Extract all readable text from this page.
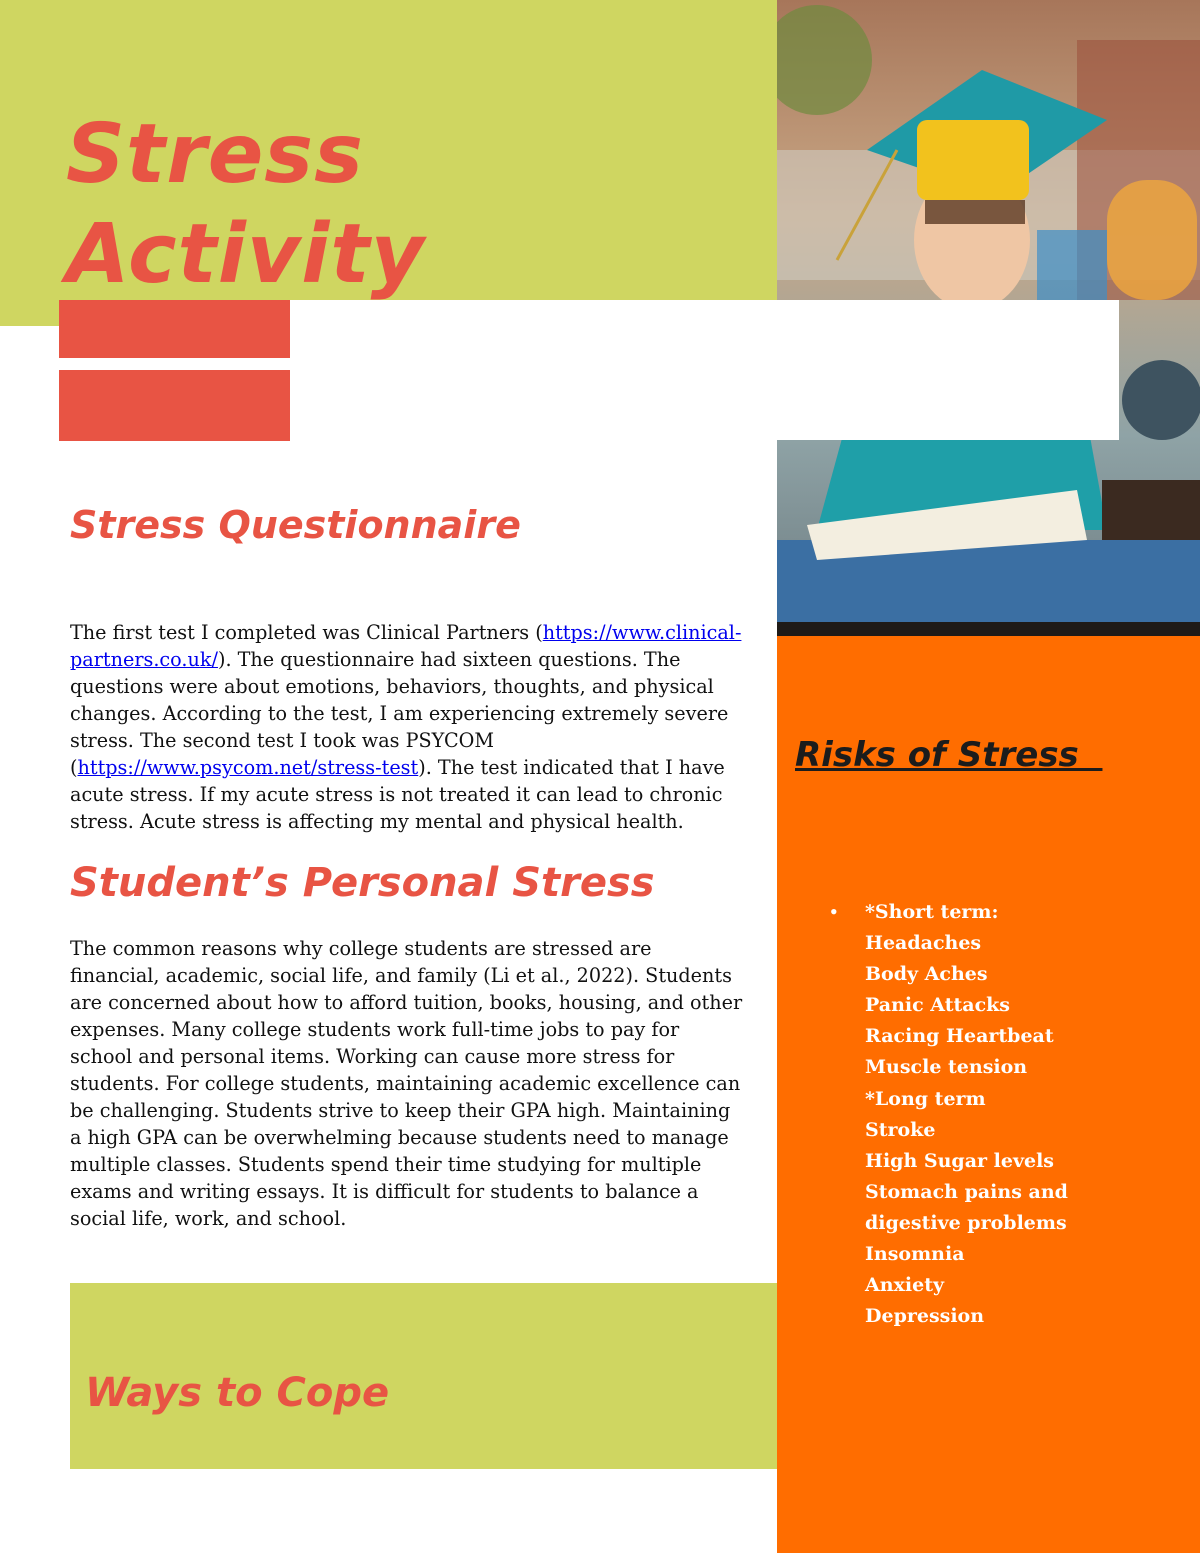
Stress
Activity
Risks of Stress
• *Short term:
Headaches
Body Aches
Panic Attacks
Racing Heartbeat
Muscle tension
*Long term
Stroke
High Sugar levels
Stomach pains and
digestive problems
Insomnia
Anxiety
Depression
Stress Questionnaire

The first test I completed was Clinical Partners (https://www.clinical-
partners.co.uk/). The questionnaire had sixteen questions. The questions were about emotions, behaviors, thoughts, and physical changes. According to the test, I am experiencing extremely severe stress. The second test I took was PSYCOM (https://www.psycom.net/stress-test). The test indicated that I have acute stress. If my acute stress is not treated it can lead to chronic stress. Acute stress is affecting my mental and physical health.

Student’s Personal Stress

The common reasons why college students are stressed are financial, academic, social life, and family (Li et al., 2022). Students are concerned about how to afford tuition, books, housing, and other expenses. Many college students work full-time jobs to pay for school and personal items. Working can cause more stress for students. For college students, maintaining academic excellence can be challenging. Students strive to keep their GPA high. Maintaining a high GPA can be overwhelming because students need to manage multiple classes. Students spend their time studying for multiple exams and writing essays. It is difficult for students to balance a social life, work, and school.

Ways to Cope
